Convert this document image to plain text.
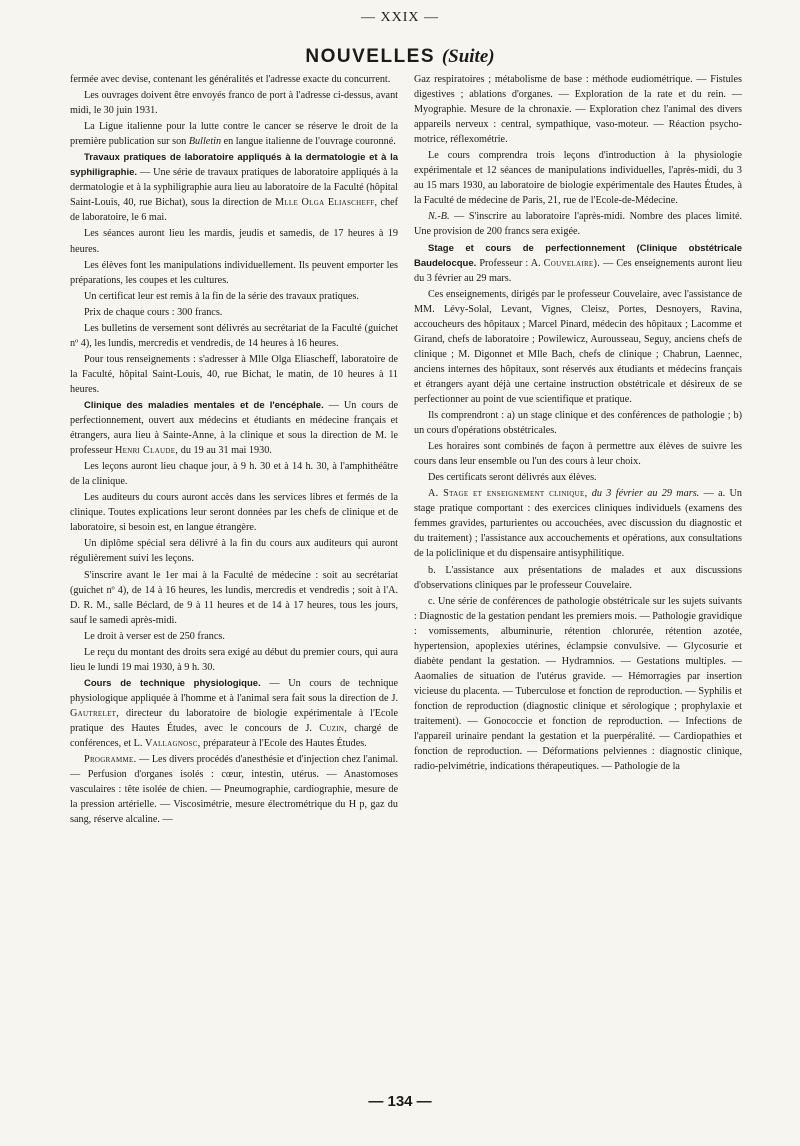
— XXIX —
NOUVELLES (Suite)

fermée avec devise, contenant les généralités et l'adresse exacte du concurrent.

Les ouvrages doivent être envoyés franco de port à l'adresse ci-dessus, avant midi, le 30 juin 1931.

La Ligue italienne pour la lutte contre le cancer se réserve le droit de la première publication sur son Bulletin en langue italienne de l'ouvrage couronné.

Travaux pratiques de laboratoire appliqués à la dermatologie et à la syphiligraphie. — Une série de travaux pratiques de laboratoire appliqués à la dermatologie et à la syphiligraphie aura lieu au laboratoire de la Faculté (hôpital Saint-Louis, 40, rue Bichat), sous la direction de Mlle Olga Eliascheff, chef de laboratoire, le 6 mai.

Les séances auront lieu les mardis, jeudis et samedis, de 17 heures à 19 heures.

Les élèves font les manipulations individuellement. Ils peuvent emporter les préparations, les coupes et les cultures.

Un certificat leur est remis à la fin de la série des travaux pratiques.

Prix de chaque cours : 300 francs.

Les bulletins de versement sont délivrés au secrétariat de la Faculté (guichet nº 4), les lundis, mercredis et vendredis, de 14 heures à 16 heures.

Pour tous renseignements : s'adresser à Mlle Olga Eliascheff, laboratoire de la Faculté, hôpital Saint-Louis, 40, rue Bichat, le matin, de 10 heures à 11 heures.

Clinique des maladies mentales et de l'encéphale. — Un cours de perfectionnement, ouvert aux médecins et étudiants en médecine français et étrangers, aura lieu à Sainte-Anne, à la clinique et sous la direction de M. le professeur Henri Claude, du 19 au 31 mai 1930.

Les leçons auront lieu chaque jour, à 9 h. 30 et à 14 h. 30, à l'amphithéâtre de la clinique.

Les auditeurs du cours auront accès dans les services libres et fermés de la clinique. Toutes explications leur seront données par les chefs de clinique et de laboratoire, si besoin est, en langue étrangère.

Un diplôme spécial sera délivré à la fin du cours aux auditeurs qui auront régulièrement suivi les leçons.

S'inscrire avant le 1er mai à la Faculté de médecine : soit au secrétariat (guichet nº 4), de 14 à 16 heures, les lundis, mercredis et vendredis ; soit à l'A. D. R. M., salle Béclard, de 9 à 11 heures et de 14 à 17 heures, tous les jours, sauf le samedi après-midi.

Le droit à verser est de 250 francs.

Le reçu du montant des droits sera exigé au début du premier cours, qui aura lieu le lundi 19 mai 1930, à 9 h. 30.

Cours de technique physiologique. — Un cours de technique physiologique appliquée à l'homme et à l'animal sera fait sous la direction de J. Gautrelet, directeur du laboratoire de biologie expérimentale à l'Ecole pratique des Hautes Études, avec le concours de J. Cuzin, chargé de conférences, et L. Vallagnosc, préparateur à l'Ecole des Hautes Études.

Programme. — Les divers procédés d'anesthésie et d'injection chez l'animal. — Perfusion d'organes isolés : cœur, intestin, utérus. — Anastomoses vasculaires : tête isolée de chien. — Pneumographie, cardiographie, mesure de la pression artérielle. — Viscosimétrie, mesure électrométrique du H p, gaz du sang, réserve alcaline. —

Gaz respiratoires ; métabolisme de base : méthode eudiométrique. — Fistules digestives ; ablations d'organes. — Exploration de la rate et du rein. — Myographie. Mesure de la chronaxie. — Exploration chez l'animal des divers appareils nerveux : central, sympathique, vaso-moteur. — Réaction psycho-motrice, réflexométrie.

Le cours comprendra trois leçons d'introduction à la physiologie expérimentale et 12 séances de manipulations individuelles, l'après-midi, du 3 au 15 mars 1930, au laboratoire de biologie expérimentale des Hautes Études, à la Faculté de médecine de Paris, 21, rue de l'Ecole-de-Médecine.

N.-B. — S'inscrire au laboratoire l'après-midi. Nombre des places limité. Une provision de 200 francs sera exigée.

Stage et cours de perfectionnement (Clinique obstétricale Baudelocque. Professeur : A. Couvelaire). — Ces enseignements auront lieu du 3 février au 29 mars.

Ces enseignements, dirigés par le professeur Couvelaire, avec l'assistance de MM. Lévy-Solal, Levant, Vignes, Cleisz, Portes, Desnoyers, Ravina, accoucheurs des hôpitaux ; Marcel Pinard, médecin des hôpitaux ; Lacomme et Girand, chefs de laboratoire ; Powilewicz, Aurousseau, Seguy, anciens chefs de clinique ; M. Digonnet et Mlle Bach, chefs de clinique ; Chabrun, Laennec, anciens internes des hôpitaux, sont réservés aux étudiants et médecins français et étrangers ayant déjà une certaine instruction obstétricale et désireux de se perfectionner au point de vue scientifique et pratique.

Ils comprendront : a) un stage clinique et des conférences de pathologie ; b) un cours d'opérations obstétricales.

Les horaires sont combinés de façon à permettre aux élèves de suivre les cours dans leur ensemble ou l'un des cours à leur choix.

Des certificats seront délivrés aux élèves.

A. Stage et enseignement clinique, du 3 février au 29 mars. — a. Un stage pratique comportant : des exercices cliniques individuels (examens des femmes gravides, parturientes ou accouchées, avec discussion du diagnostic et du traitement) ; l'assistance aux accouchements et opérations, aux consultations de la policlinique et du dispensaire antisyphilitique.

b. L'assistance aux présentations de malades et aux discussions d'observations cliniques par le professeur Couvelaire.

c. Une série de conférences de pathologie obstétricale sur les sujets suivants : Diagnostic de la gestation pendant les premiers mois. — Pathologie gravidique : vomissements, albuminurie, rétention chlorurée, rétention azotée, hypertension, apoplexies utérines, éclampsie convulsive. — Glycosurie et diabète pendant la gestation. — Hydramnios. — Gestations multiples. — Aaomalies de situation de l'utérus gravide. — Hémorragies par insertion vicieuse du placenta. — Tuberculose et fonction de reproduction. — Syphilis et fonction de reproduction (diagnostic clinique et sérologique ; prophylaxie et traitement). — Gonococcie et fonction de reproduction. — Infections de l'appareil urinaire pendant la gestation et la puerpéralité. — Cardiopathies et fonction de reproduction. — Déformations pelviennes : diagnostic clinique, radio-pelvimétrie, indications thérapeutiques. — Pathologie de la

— 134 —
